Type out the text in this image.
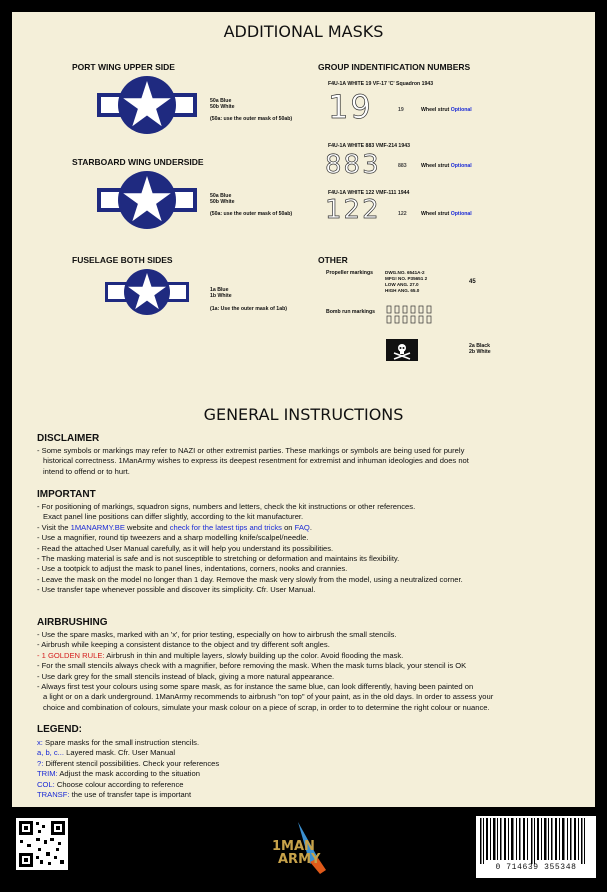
ADDITIONAL MASKS
PORT WING UPPER SIDE
50a Blue
50b White
(50a: use the outer mask of 50ab)
STARBOARD WING UNDERSIDE
50a Blue
50b White
(50a: use the outer mask of 50ab)
FUSELAGE BOTH SIDES
1a Blue
1b White
(1a: Use the outer mask of 1ab)
GROUP INDENTIFICATION NUMBERS
F4U-1A WHITE 19 VF-17 'C' Squadron 1943
19	19	Wheel strut Optional
F4U-1A WHITE 883 VMF-214 1943
883	883	Wheel strut Optional
F4U-1A WHITE 122 VMF-111 1944
122	122	Wheel strut Optional
OTHER
Propeller markings	DWG.NO. 6541A-2
MFG! NO. P35651 2
LOW ANG. 27.0
HIGH ANG. 65.0
45
Bomb run markings
2a Black
2b White
GENERAL INSTRUCTIONS
DISCLAIMER
- Some symbols or markings may refer to NAZI or other extremist parties. These markings or symbols are being used for purely
historical correctness. 1ManArmy wishes to express its deepest resentment for extremist and inhuman ideologies and does not
intend to offend or to hurt.
IMPORTANT
- For positioning of markings, squadron signs, numbers and letters, check the kit instructions or other references.
Exact panel line positions can differ slightly, according to the kit manufacturer.
- Visit the 1MANARMY.BE website and check for the latest tips and tricks on FAQ.
- Use a magnifier, round tip tweezers and a sharp modelling knife/scalpel/needle.
- Read the attached User Manual carefully, as it will help you understand its possibilities.
- The masking material is safe and is not susceptible to stretching or deformation and maintains its flexibility.
- Use a tootpick to adjust the mask to panel lines, indentations, corners, nooks and crannies.
- Leave the mask on the model no longer than 1 day. Remove the mask very slowly from the model, using a neutralized corner.
- Use transfer tape whenever possible and discover its simplicity. Cfr. User Manual.
AIRBRUSHING
- Use the spare masks, marked with an 'x', for prior testing, especially on how to airbrush the small stencils.
- Airbrush while keeping a consistent distance to the object and try different soft angles.
- 1 GOLDEN RULE: Airbrush in thin and multiple layers, slowly building up the color. Avoid flooding the mask.
- For the small stencils always check with a magnifier, before removing the mask. When the mask turns black, your stencil is OK
- Use dark grey for the small stencils instead of black, giving a more natural appearance.
- Always first test your colours using some spare mask, as for instance the same blue, can look differently, having been painted on
a light or on a dark underground. 1ManArmy recommends to airbrush "on top" of your paint, as in the old days. In order to assess your
choice and combination of colours, simulate your mask colour on a piece of scrap, in order to to determine the right colour or nuance.
LEGEND:
x: Spare masks for the small instruction stencils.
a, b, c... Layered mask. Cfr. User Manual
?: Different stencil possibilities. Check your references
TRIM: Adjust the mask according to the situation
COL: Choose colour according to reference
TRANSF: the use of transfer tape is important
1MAN
ARMY
0 714639 355348
